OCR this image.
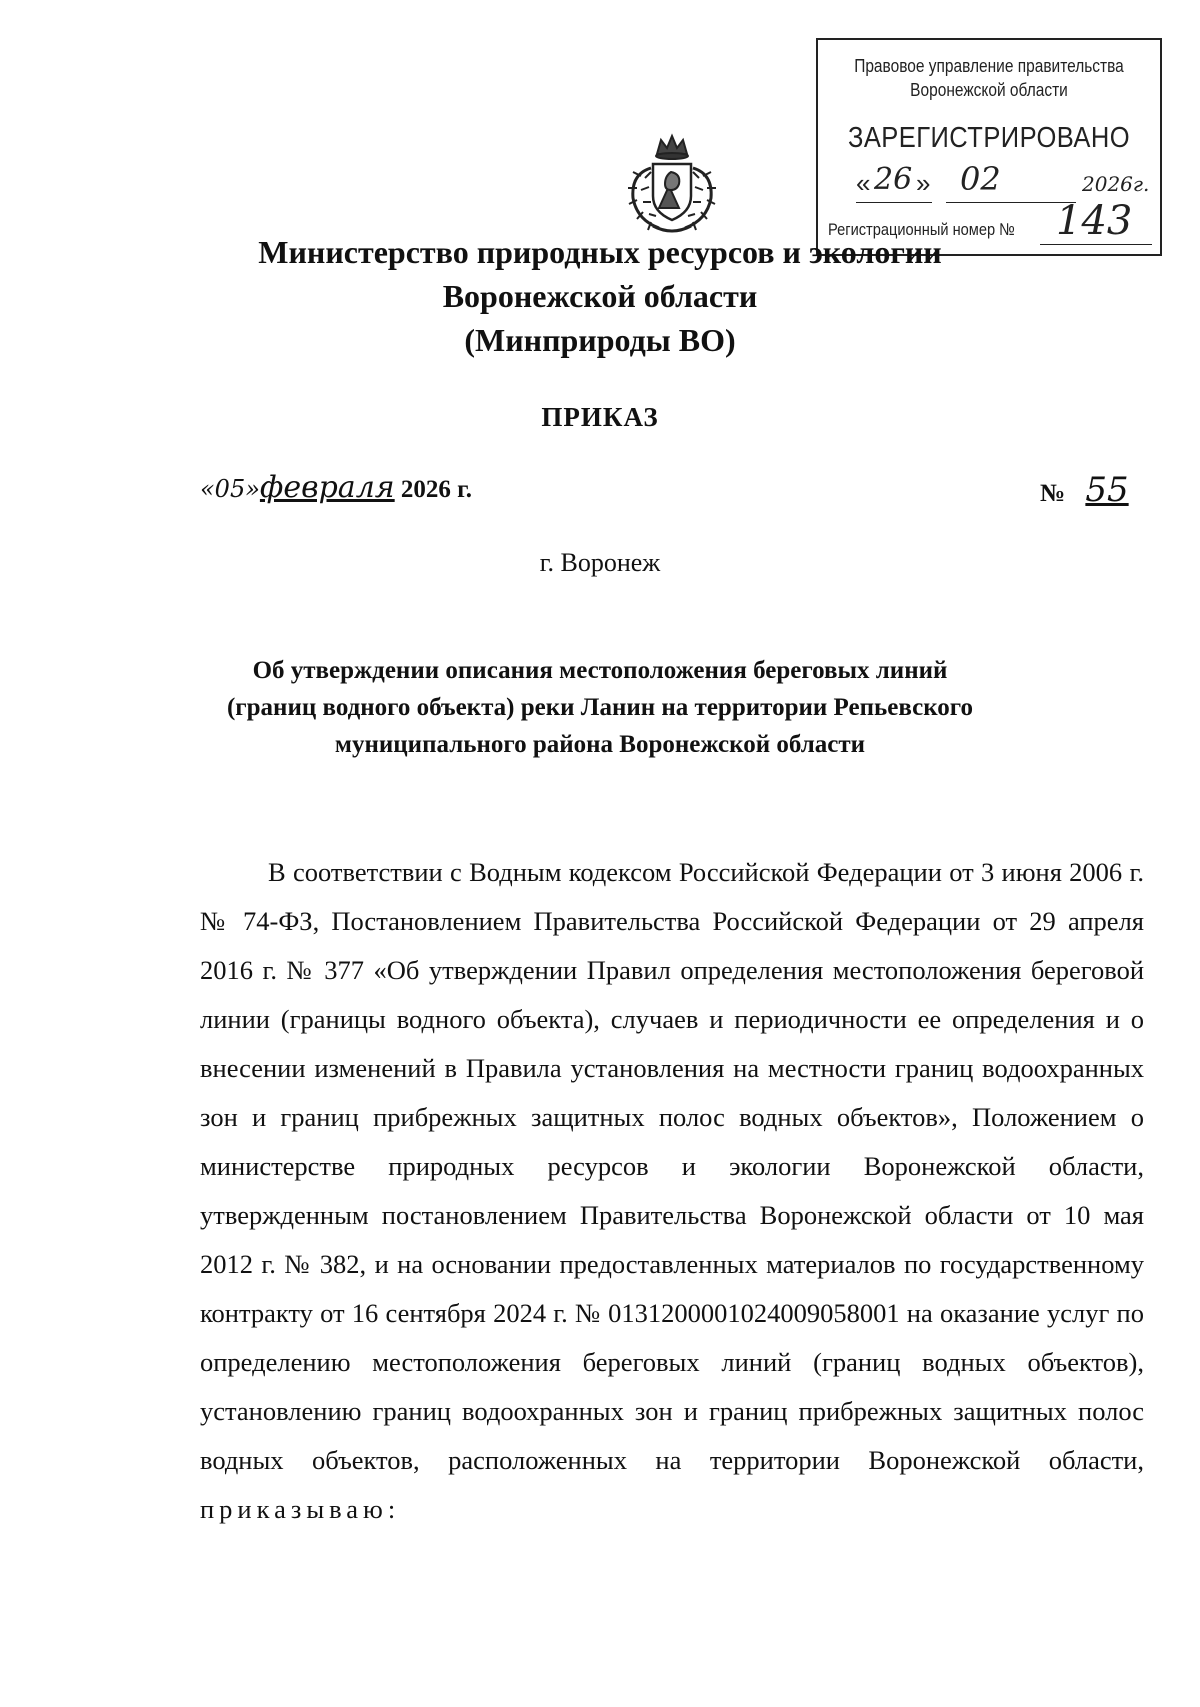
Правовое управление правительства
Воронежской области
ЗАРЕГИСТРИРОВАНО
« 26 » 02	2026г.
Регистрационный номер № 143
Министерство природных ресурсов и экологии
Воронежской области
(Минприроды ВО)
ПРИКАЗ
«05»февраля 2026 г.	№ 55
г. Воронеж
Об утверждении описания местоположения береговых линий
(границ водного объекта) реки Ланин на территории Репьевского
муниципального района Воронежской области

В соответствии с Водным кодексом Российской Федерации от 3 июня 2006 г. № 74-ФЗ, Постановлением Правительства Российской Федерации от 29 апреля 2016 г. № 377 «Об утверждении Правил определения местоположения береговой линии (границы водного объекта), случаев и периодичности ее определения и о внесении изменений в Правила установления на местности границ водоохранных зон и границ прибрежных защитных полос водных объектов», Положением о министерстве природных ресурсов и экологии Воронежской области, утвержденным постановлением Правительства Воронежской области от 10 мая 2012 г. № 382, и на основании предоставленных материалов по государственному контракту от 16 сентября 2024 г. № 0131200001024009058001 на оказание услуг по определению местоположения береговых линий (границ водных объектов), установлению границ водоохранных зон и границ прибрежных защитных полос водных объектов, расположенных на территории Воронежской области, приказываю:
